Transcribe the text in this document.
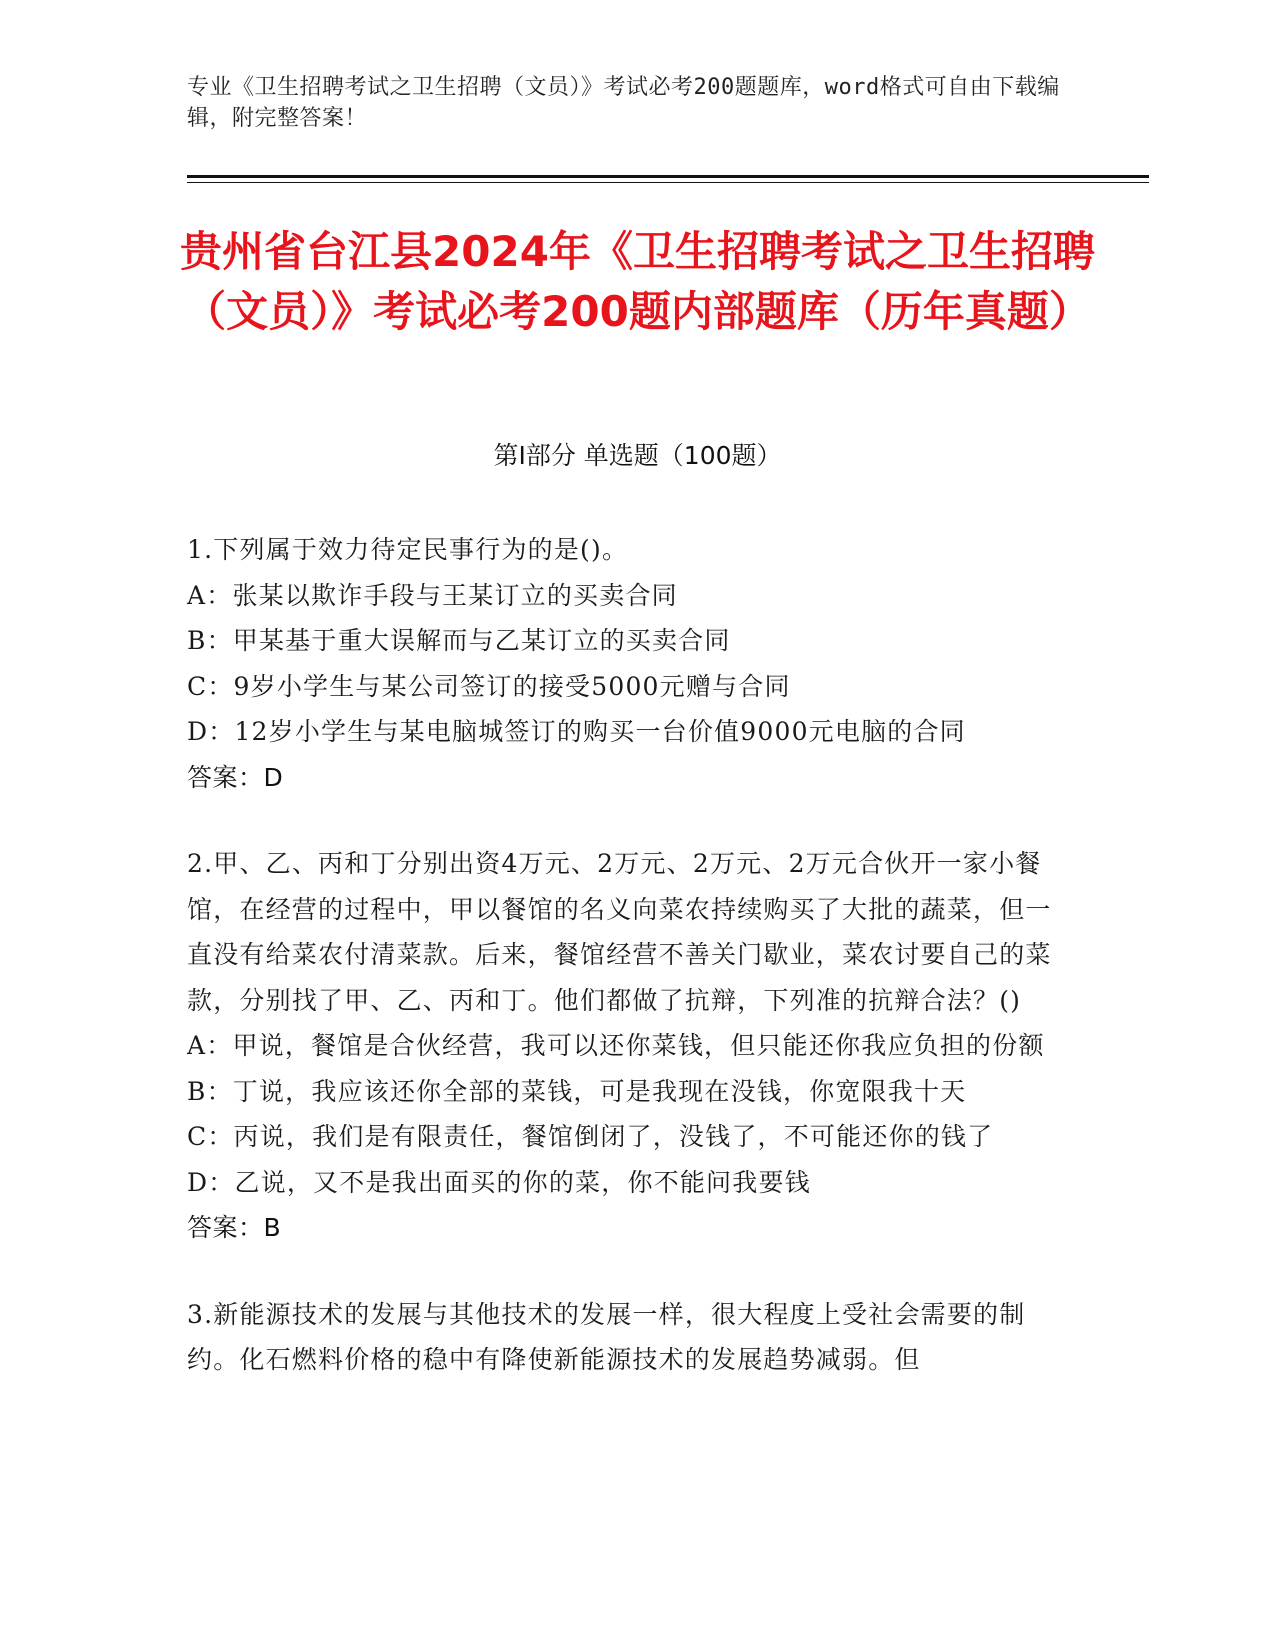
专业《卫生招聘考试之卫生招聘（文员）》考试必考200题题库，word格式可自由下载编辑，附完整答案！
贵州省台江县2024年《卫生招聘考试之卫生招聘（文员）》考试必考200题内部题库（历年真题）
第I部分 单选题（100题）

1.下列属于效力待定民事行为的是()。

A：张某以欺诈手段与王某订立的买卖合同

B：甲某基于重大误解而与乙某订立的买卖合同

C：9岁小学生与某公司签订的接受5000元赠与合同

D：12岁小学生与某电脑城签订的购买一台价值9000元电脑的合同

答案：D

2.甲、乙、丙和丁分别出资4万元、2万元、2万元、2万元合伙开一家小餐馆，在经营的过程中，甲以餐馆的名义向菜农持续购买了大批的蔬菜，但一直没有给菜农付清菜款。后来，餐馆经营不善关门歇业，菜农讨要自己的菜款，分别找了甲、乙、丙和丁。他们都做了抗辩，下列准的抗辩合法？()

A：甲说，餐馆是合伙经营，我可以还你菜钱，但只能还你我应负担的份额

B：丁说，我应该还你全部的菜钱，可是我现在没钱，你宽限我十天

C：丙说，我们是有限责任，餐馆倒闭了，没钱了，不可能还你的钱了

D：乙说，又不是我出面买的你的菜，你不能问我要钱

答案：B

3.新能源技术的发展与其他技术的发展一样，很大程度上受社会需要的制约。化石燃料价格的稳中有降使新能源技术的发展趋势减弱。但
